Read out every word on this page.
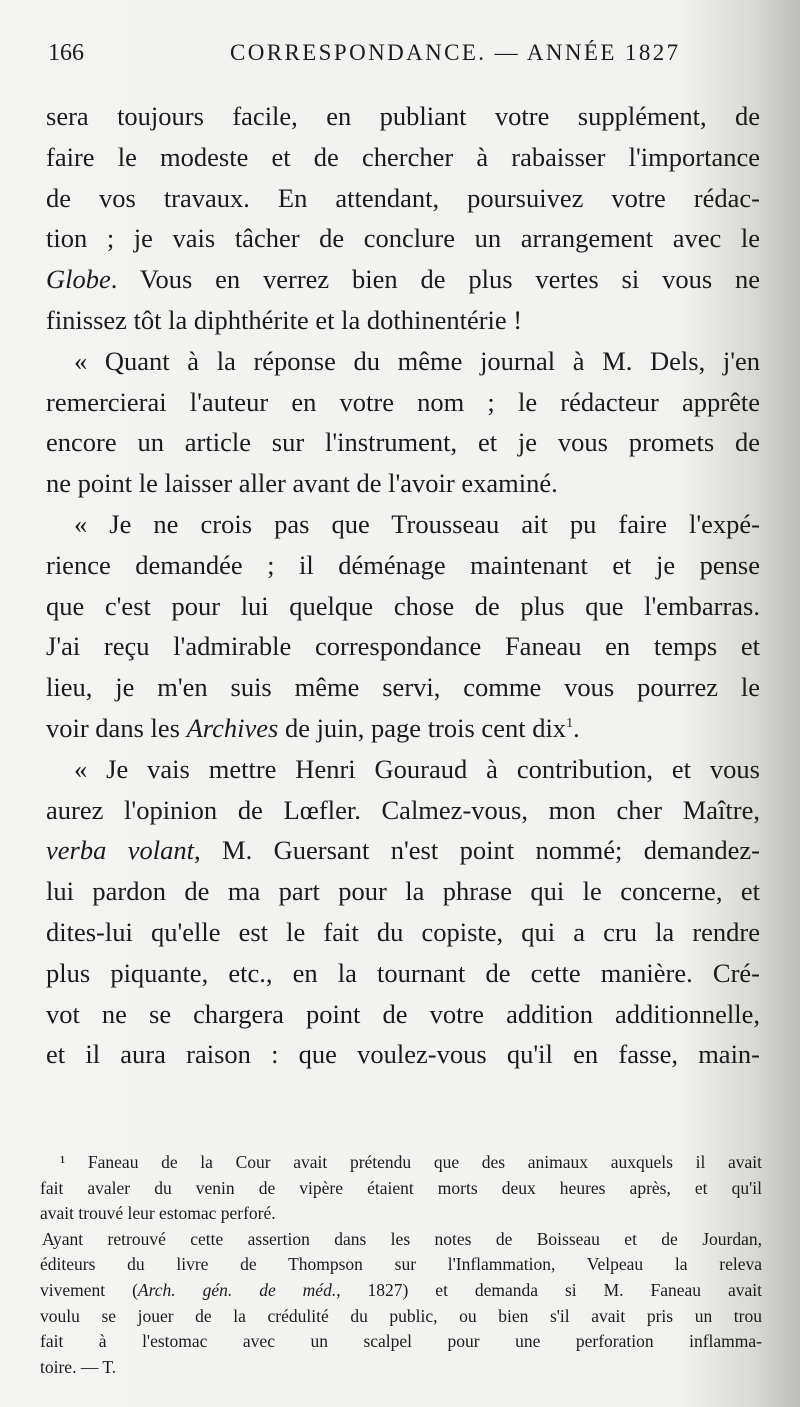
166	CORRESPONDANCE. — ANNÉE 1827
sera toujours facile, en publiant votre supplément, de
faire le modeste et de chercher à rabaisser l'importance
de vos travaux. En attendant, poursuivez votre rédac-
tion ; je vais tâcher de conclure un arrangement avec le
Globe. Vous en verrez bien de plus vertes si vous ne
finissez tôt la diphthérite et la dothinentérie !
« Quant à la réponse du même journal à M. Dels, j'en
remercierai l'auteur en votre nom ; le rédacteur apprête
encore un article sur l'instrument, et je vous promets de
ne point le laisser aller avant de l'avoir examiné.
« Je ne crois pas que Trousseau ait pu faire l'expé-
rience demandée ; il déménage maintenant et je pense
que c'est pour lui quelque chose de plus que l'embarras.
J'ai reçu l'admirable correspondance Faneau en temps et
lieu, je m'en suis même servi, comme vous pourrez le
voir dans les Archives de juin, page trois cent dix$^1$.
« Je vais mettre Henri Gouraud à contribution, et vous
aurez l'opinion de Lœfler. Calmez-vous, mon cher Maître,
verba volant, M. Guersant n'est point nommé; demandez-
lui pardon de ma part pour la phrase qui le concerne, et
dites-lui qu'elle est le fait du copiste, qui a cru la rendre
plus piquante, etc., en la tournant de cette manière. Cré-
vot ne se chargera point de votre addition additionnelle,
et il aura raison : que voulez-vous qu'il en fasse, main-
¹ Faneau de la Cour avait prétendu que des animaux auxquels il avait
fait avaler du venin de vipère étaient morts deux heures après, et qu'il
avait trouvé leur estomac perforé.
Ayant retrouvé cette assertion dans les notes de Boisseau et de Jourdan,
éditeurs du livre de Thompson sur l'Inflammation, Velpeau la releva
vivement (Arch. gén. de méd., 1827) et demanda si M. Faneau avait
voulu se jouer de la crédulité du public, ou bien s'il avait pris un trou
fait à l'estomac avec un scalpel pour une perforation inflamma-
toire. — T.
